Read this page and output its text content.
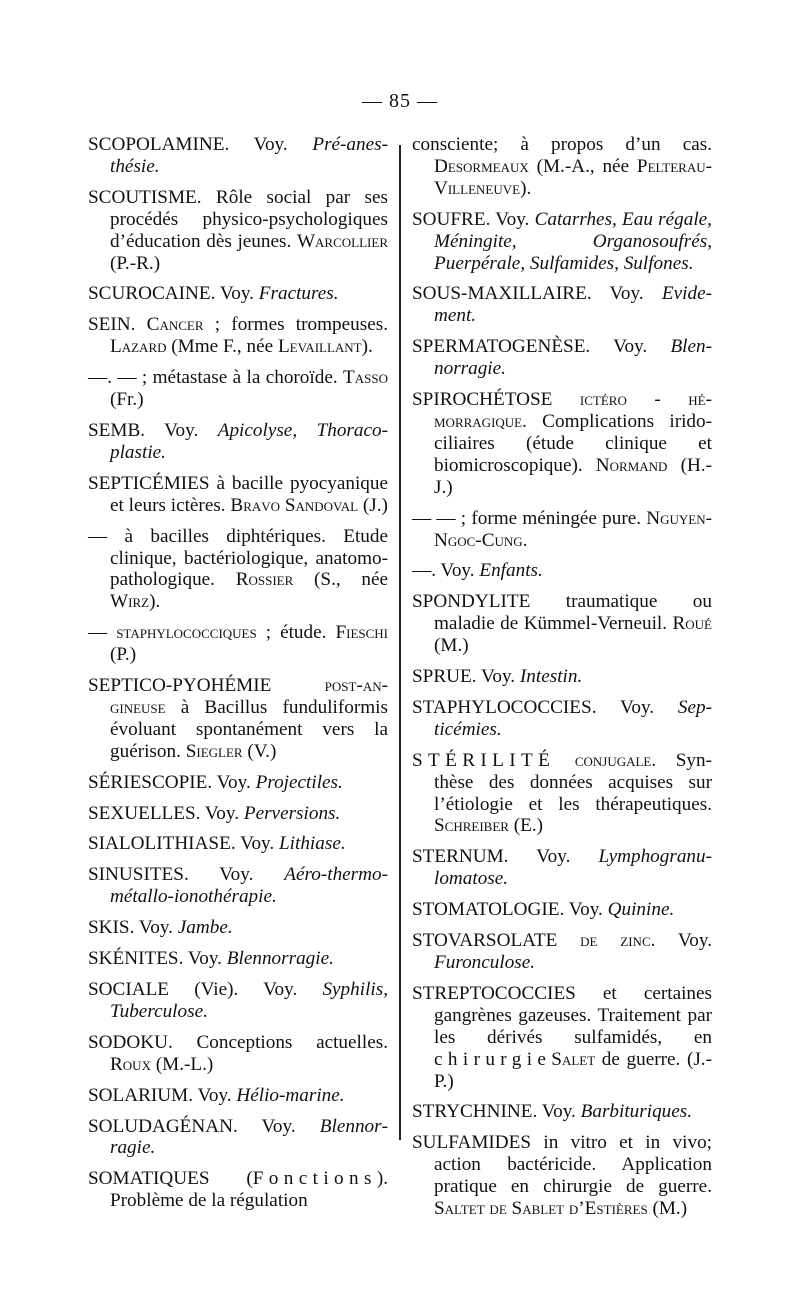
— 85 —

SCOPOLAMINE. Voy. Pré-anesthésie.

SCOUTISME. Rôle social par ses procédés physico-psychologiques d’éducation dès jeunes. Warcollier (P.-R.)

SCUROCAINE. Voy. Fractures.

SEIN. Cancer ; formes trompeuses. Lazard (Mme F., née Levaillant).

—. — ; métastase à la choroïde. Tasso (Fr.)

SEMB. Voy. Apicolyse, Thoracoplastie.

SEPTICÉMIES à bacille pyocyanique et leurs ictères. Bravo Sandoval (J.)

— à bacilles diphtériques. Etude clinique, bactériologique, anatomo-pathologique. Rossier (S., née Wirz).

— staphylococciques ; étude. Fieschi (P.)

SEPTICO-PYOHÉMIE post-angineuse à Bacillus funduliformis évoluant spontanément vers la guérison. Siegler (V.)

SÉRIESCOPIE. Voy. Projectiles.

SEXUELLES. Voy. Perversions.

SIALOLITHIASE. Voy. Lithiase.

SINUSITES. Voy. Aéro-thermo-métallo-ionothérapie.

SKIS. Voy. Jambe.

SKÉNITES. Voy. Blennorragie.

SOCIALE (Vie). Voy. Syphilis, Tuberculose.

SODOKU. Conceptions actuelles. Roux (M.-L.)

SOLARIUM. Voy. Hélio-marine.

SOLUDAGÉNAN. Voy. Blennorragie.

SOMATIQUES (Fonctions). Problème de la régulation

consciente; à propos d’un cas. Desormeaux (M.-A., née Pelterau-Villeneuve).

SOUFRE. Voy. Catarrhes, Eau régale, Méningite, Organosoufrés, Puerpérale, Sulfamides, Sulfones.

SOUS-MAXILLAIRE. Voy. Evidement.

SPERMATOGENÈSE. Voy. Blennorragie.

SPIROCHÉTOSE ictéro - hémorragique. Complications irido-ciliaires (étude clinique et biomicroscopique). Normand (H.-J.)

— — ; forme méningée pure. Nguyen-Ngoc-Cung.

—. Voy. Enfants.

SPONDYLITE traumatique ou maladie de Kümmel-Verneuil. Roué (M.)

SPRUE. Voy. Intestin.

STAPHYLOCOCCIES. Voy. Septicémies.

STÉRILITÉ conjugale. Synthèse des données acquises sur l’étiologie et les thérapeutiques. Schreiber (E.)

STERNUM. Voy. Lymphogranulomatose.

STOMATOLOGIE. Voy. Quinine.

STOVARSOLATE de zinc. Voy. Furonculose.

STREPTOCOCCIES et certaines gangrènes gazeuses. Traitement par les dérivés sulfamidés, en chirurgieSalet de guerre. (J.-P.)

STRYCHNINE. Voy. Barbituriques.

SULFAMIDES in vitro et in vivo; action bactéricide. Application pratique en chirurgie de guerre. Saltet de Sablet d’Estières (M.)
